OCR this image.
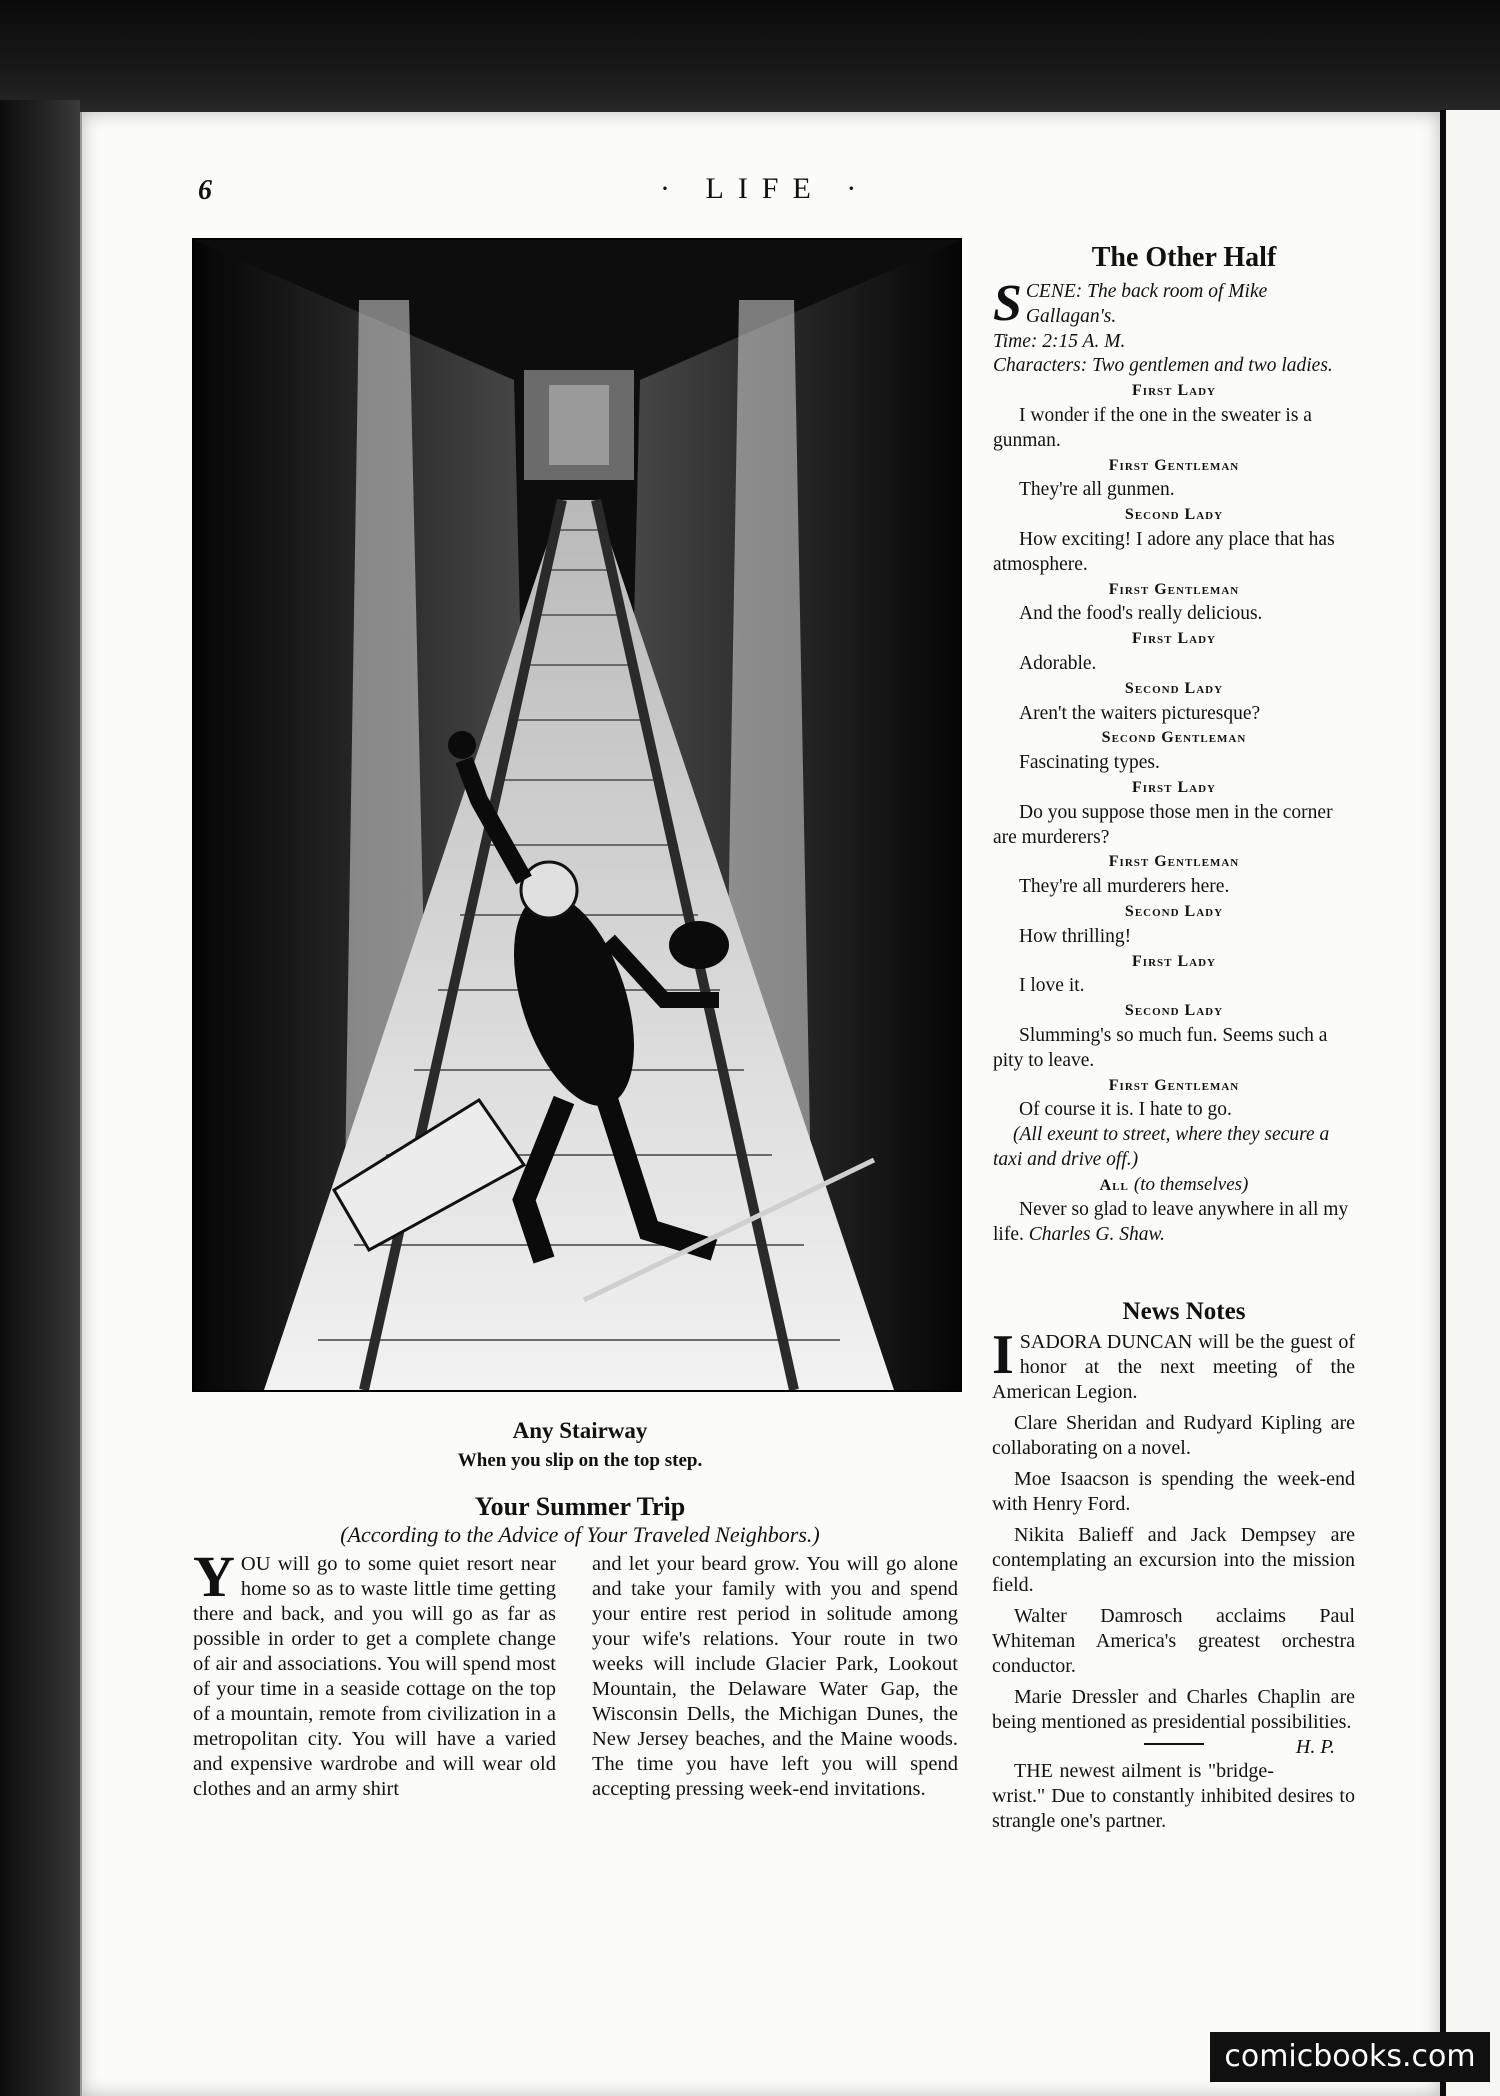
6	· LIFE ·
Any Stairway
When you slip on the top step.
Your Summer Trip
(According to the Advice of Your Traveled Neighbors.)
YOU will go to some quiet resort near home so as to waste little time getting there and back, and you will go as far as possible in order to get a complete change of air and associations. You will spend most of your time in a seaside cottage on the top of a mountain, remote from civilization in a metropolitan city. You will have a varied and expensive wardrobe and will wear old clothes and an army shirt
and let your beard grow. You will go alone and take your family with you and spend your entire rest period in solitude among your wife's relations. Your route in two weeks will include Glacier Park, Lookout Mountain, the Delaware Water Gap, the Wisconsin Dells, the Michigan Dunes, the New Jersey beaches, and the Maine woods. The time you have left you will spend accepting pressing week-end invitations.
The Other Half
SCENE: The back room of Mike Gallagan's.
Time: 2:15 A. M.
Characters: Two gentlemen and two ladies.

First Lady

I wonder if the one in the sweater is a gunman.

First Gentleman

They're all gunmen.

Second Lady

How exciting! I adore any place that has atmosphere.

First Gentleman

And the food's really delicious.

First Lady

Adorable.

Second Lady

Aren't the waiters picturesque?

Second Gentleman

Fascinating types.

First Lady

Do you suppose those men in the corner are murderers?

First Gentleman

They're all murderers here.

Second Lady

How thrilling!

First Lady

I love it.

Second Lady

Slumming's so much fun. Seems such a pity to leave.

First Gentleman

Of course it is. I hate to go.

(All exeunt to street, where they secure a taxi and drive off.)

All (to themselves)

Never so glad to leave anywhere in all my life. Charles G. Shaw.

News Notes

ISADORA DUNCAN will be the guest of honor at the next meeting of the American Legion.

Clare Sheridan and Rudyard Kipling are collaborating on a novel.

Moe Isaacson is spending the week-end with Henry Ford.

Nikita Balieff and Jack Dempsey are contemplating an excursion into the mission field.

Walter Damrosch acclaims Paul Whiteman America's greatest orchestra conductor.

Marie Dressler and Charles Chaplin are being mentioned as presidential possibilities.
H. P.

THE newest ailment is "bridge-wrist." Due to constantly inhibited desires to strangle one's partner.

comicbooks.com
